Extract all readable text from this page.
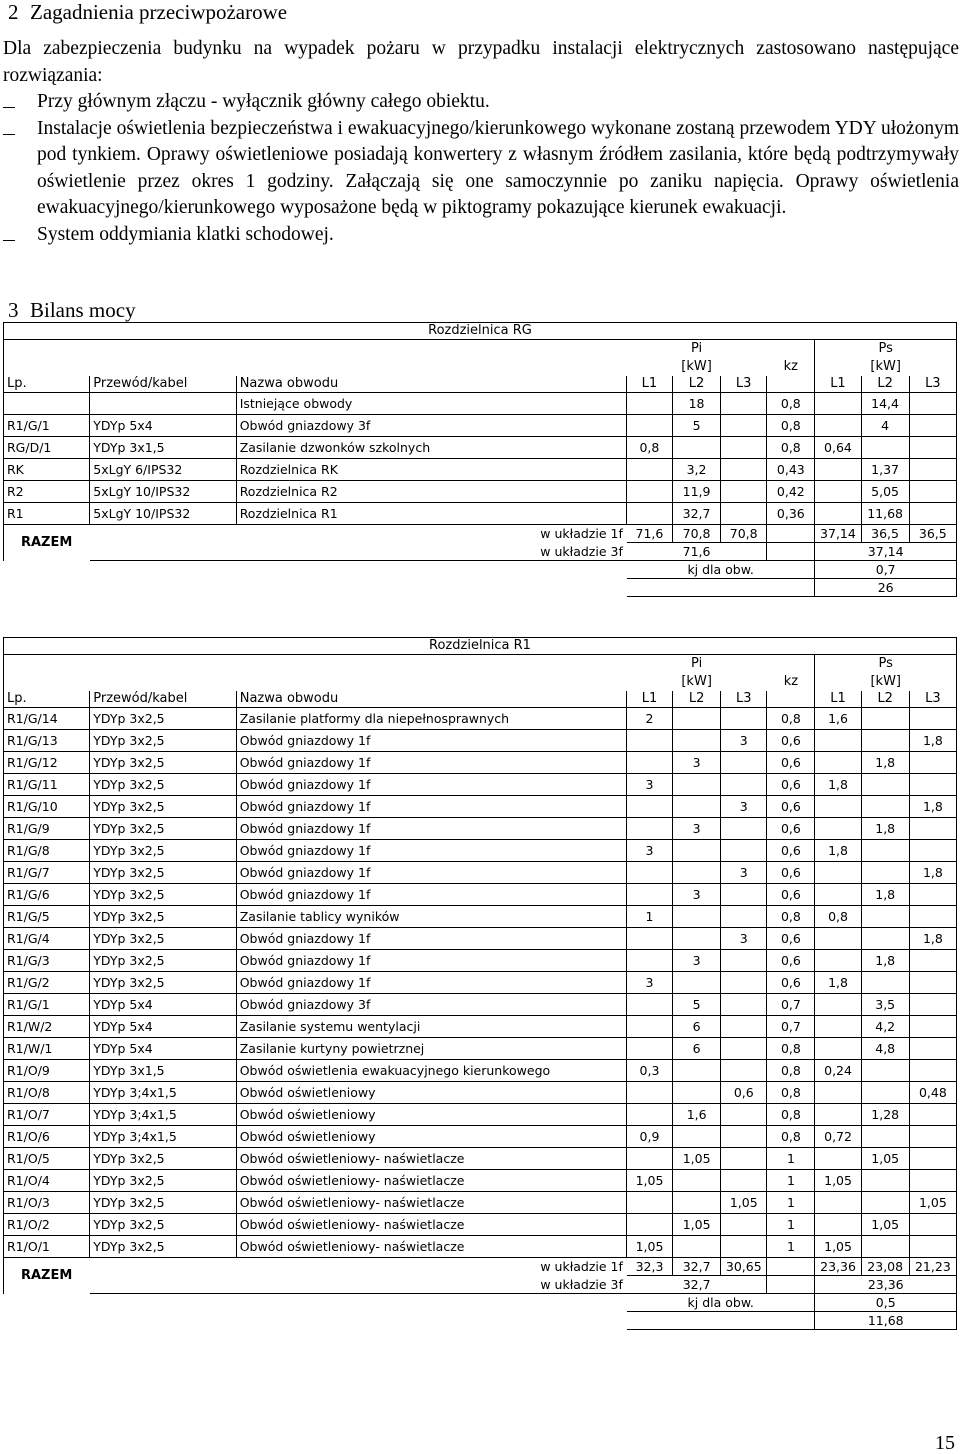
2 Zagadnienia przeciwpożarowe

Dla zabezpieczenia budynku na wypadek pożaru w przypadku instalacji elektrycznych zastosowano następujące rozwiązania:

Przy głównym złączu - wyłącznik główny całego obiektu.
Instalacje oświetlenia bezpieczeństwa i ewakuacyjnego/kierunkowego wykonane zostaną przewodem YDY ułożonym pod tynkiem. Oprawy oświetleniowe posiadają konwertery z własnym źródłem zasilania, które będą podtrzymywały oświetlenie przez okres 1 godziny. Załączają się one samoczynnie po zaniku napięcia. Oprawy oświetlenia ewakuacyjnego/kierunkowego wyposażone będą w piktogramy pokazujące kierunek ewakuacji.
System oddymiania klatki schodowej.
3 Bilans mocy
Rozdzielnica RG									
			Pi				Ps		
			[kW]			kz	[kW]		
Lp.	Przewód/kabel	Nazwa obwodu	L1	L2	L3		L1	L2	L3
		Istniejące obwody		18		0,8		14,4	
R1/G/1	YDYp 5x4	Obwód gniazdowy 3f		5		0,8		4	
RG/D/1	YDYp 3x1,5	Zasilanie dzwonków szkolnych	0,8			0,8	0,64		
RK	5xLgY 6/IPS32	Rozdzielnica RK		3,2		0,43		1,37	
R2	5xLgY 10/IPS32	Rozdzielnica R2		11,9		0,42		5,05	
R1	5xLgY 10/IPS32	Rozdzielnica R1		32,7		0,36		11,68	
RAZEM	w układzie 1f		71,6	70,8	70,8		37,14	36,5	36,5
	w układzie 3f		71,6				37,14		
			kj dla obw.				0,7		
							26		
Rozdzielnica R1									
			Pi				Ps		
			[kW]			kz	[kW]		
Lp.	Przewód/kabel	Nazwa obwodu	L1	L2	L3		L1	L2	L3
R1/G/14	YDYp 3x2,5	Zasilanie platformy dla niepełnosprawnych	2			0,8	1,6		
R1/G/13	YDYp 3x2,5	Obwód gniazdowy 1f			3	0,6			1,8
R1/G/12	YDYp 3x2,5	Obwód gniazdowy 1f		3		0,6		1,8	
R1/G/11	YDYp 3x2,5	Obwód gniazdowy 1f	3			0,6	1,8		
R1/G/10	YDYp 3x2,5	Obwód gniazdowy 1f			3	0,6			1,8
R1/G/9	YDYp 3x2,5	Obwód gniazdowy 1f		3		0,6		1,8	
R1/G/8	YDYp 3x2,5	Obwód gniazdowy 1f	3			0,6	1,8		
R1/G/7	YDYp 3x2,5	Obwód gniazdowy 1f			3	0,6			1,8
R1/G/6	YDYp 3x2,5	Obwód gniazdowy 1f		3		0,6		1,8	
R1/G/5	YDYp 3x2,5	Zasilanie tablicy wyników	1			0,8	0,8		
R1/G/4	YDYp 3x2,5	Obwód gniazdowy 1f			3	0,6			1,8
R1/G/3	YDYp 3x2,5	Obwód gniazdowy 1f		3		0,6		1,8	
R1/G/2	YDYp 3x2,5	Obwód gniazdowy 1f	3			0,6	1,8		
R1/G/1	YDYp 5x4	Obwód gniazdowy 3f		5		0,7		3,5	
R1/W/2	YDYp 5x4	Zasilanie systemu wentylacji		6		0,7		4,2	
R1/W/1	YDYp 5x4	Zasilanie kurtyny powietrznej		6		0,8		4,8	
R1/O/9	YDYp 3x1,5	Obwód oświetlenia ewakuacyjnego kierunkowego	0,3			0,8	0,24		
R1/O/8	YDYp 3;4x1,5	Obwód oświetleniowy			0,6	0,8			0,48
R1/O/7	YDYp 3;4x1,5	Obwód oświetleniowy		1,6		0,8		1,28	
R1/O/6	YDYp 3;4x1,5	Obwód oświetleniowy	0,9			0,8	0,72		
R1/O/5	YDYp 3x2,5	Obwód oświetleniowy- naświetlacze		1,05		1		1,05	
R1/O/4	YDYp 3x2,5	Obwód oświetleniowy- naświetlacze	1,05			1	1,05		
R1/O/3	YDYp 3x2,5	Obwód oświetleniowy- naświetlacze			1,05	1			1,05
R1/O/2	YDYp 3x2,5	Obwód oświetleniowy- naświetlacze		1,05		1		1,05	
R1/O/1	YDYp 3x2,5	Obwód oświetleniowy- naświetlacze	1,05			1	1,05		
RAZEM	w układzie 1f		32,3	32,7	30,65		23,36	23,08	21,23
	w układzie 3f		32,7				23,36		
			kj dla obw.				0,5		
							11,68		
15
